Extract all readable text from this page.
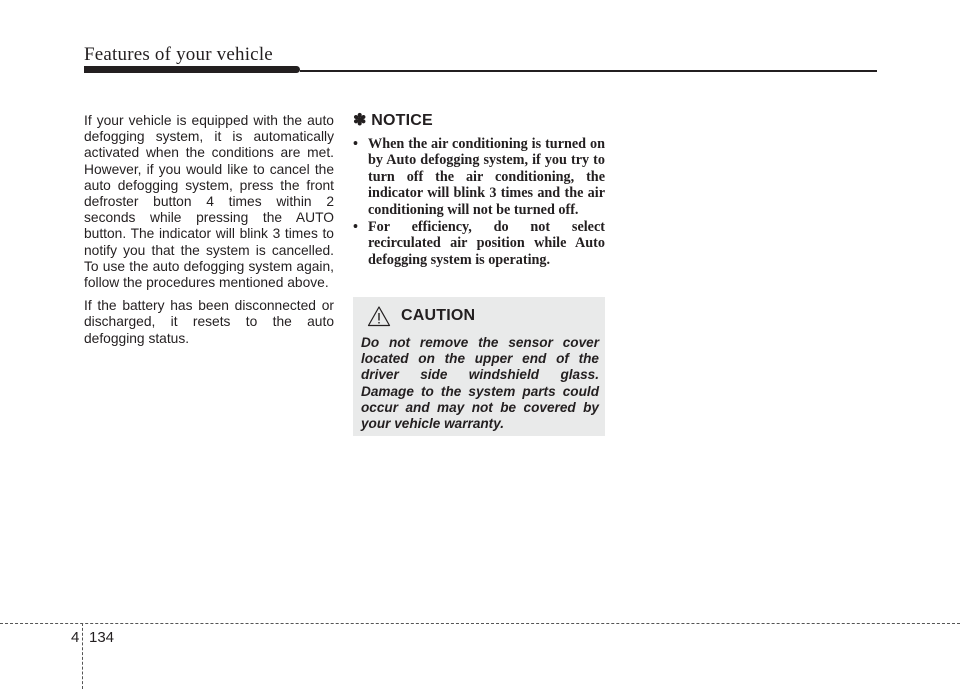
Features of your vehicle

If your vehicle is equipped with the auto defogging system, it is automatically activated when the conditions are met. However, if you would like to cancel the auto defogging system, press the front defroster button 4 times within 2 seconds while pressing the AUTO button. The indicator will blink 3 times to notify you that the system is cancelled. To use the auto defogging system again, follow the procedures mentioned above.

If the battery has been disconnected or discharged, it resets to the auto defogging status.

✽ NOTICE
• When the air conditioning is turned on by Auto defogging system, if you try to turn off the air conditioning, the indicator will blink 3 times and the air conditioning will not be turned off.
• For efficiency, do not select recirculated air position while Auto defogging system is operating.
CAUTION
Do not remove the sensor cover located on the upper end of the driver side windshield glass. Damage to the system parts could occur and may not be covered by your vehicle warranty.
4 134
